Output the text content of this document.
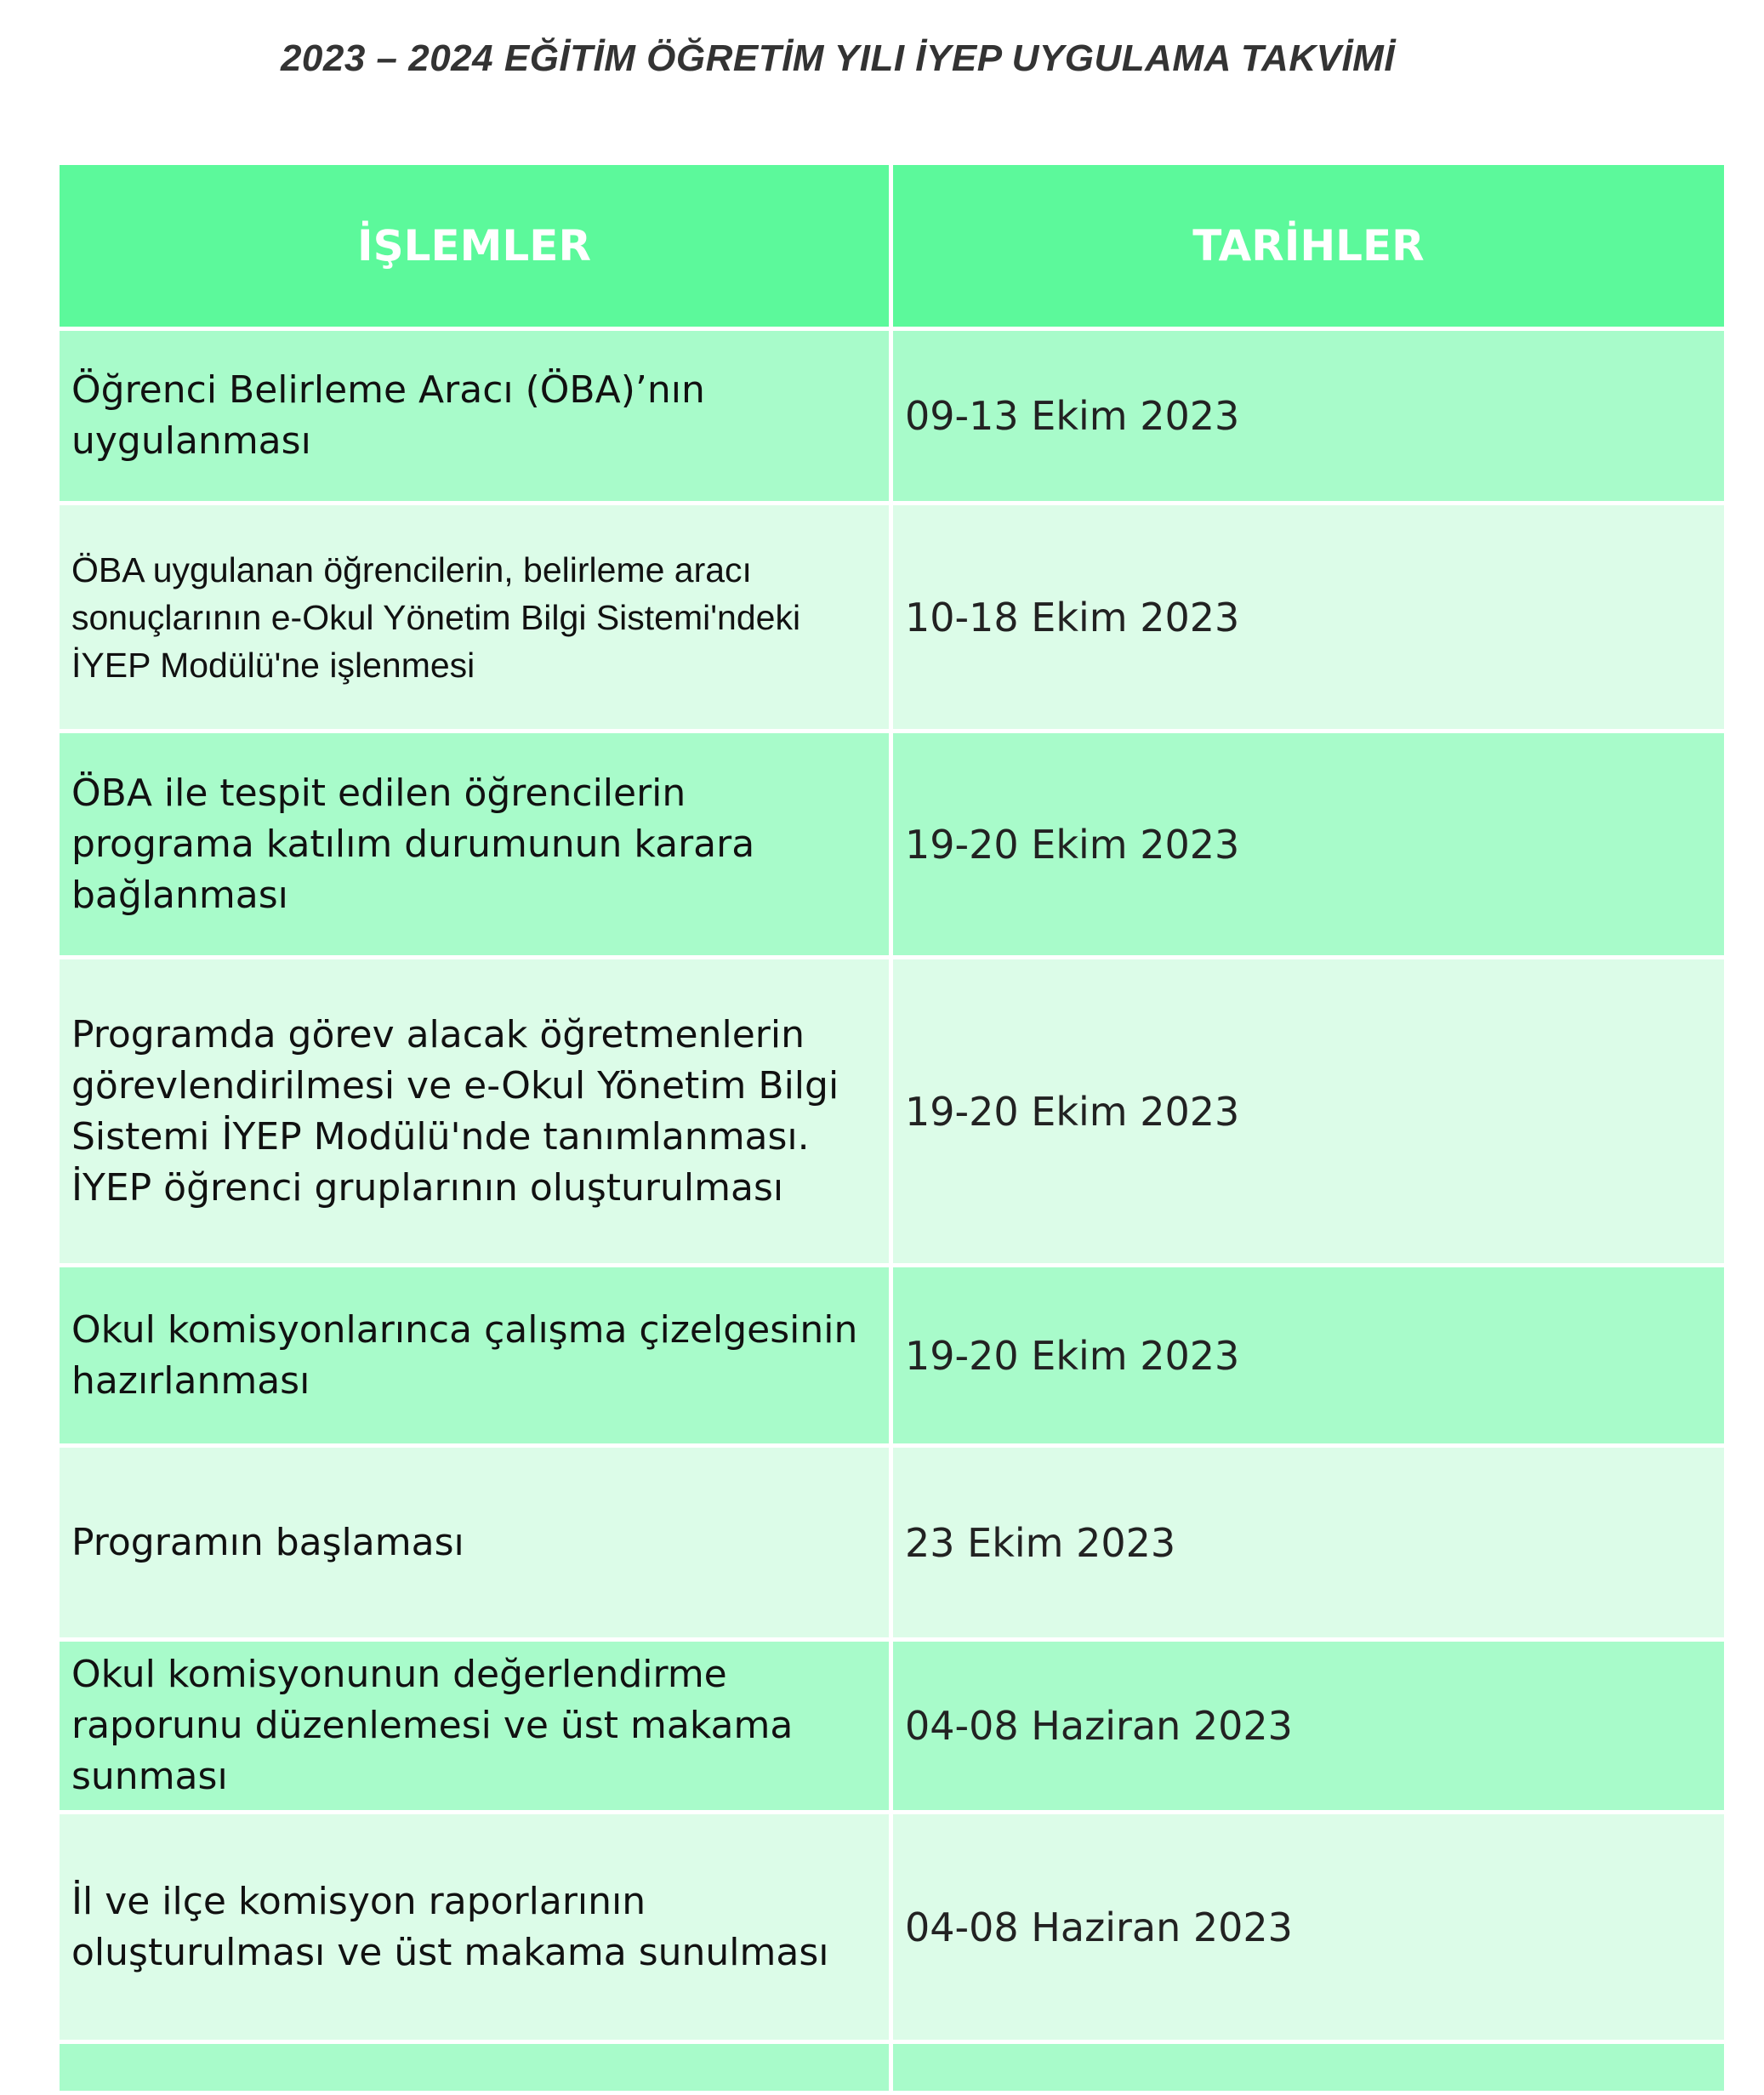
2023 – 2024 EĞİTİM ÖĞRETİM YILI İYEP UYGULAMA TAKVİMİ
İŞLEMLER	TARİHLER
Öğrenci Belirleme Aracı (ÖBA)’nın uygulanması	09-13 Ekim 2023
ÖBA uygulanan öğrencilerin, belirleme aracı sonuçlarının e-Okul Yönetim Bilgi Sistemi'ndeki İYEP Modülü'ne işlenmesi	10-18 Ekim 2023
ÖBA ile tespit edilen öğrencilerin programa katılım durumunun karara bağlanması	19-20 Ekim 2023
Programda görev alacak öğretmenlerin görevlendirilmesi ve e-Okul Yönetim Bilgi Sistemi İYEP Modülü'nde tanımlanması. İYEP öğrenci gruplarının oluşturulması	19-20 Ekim 2023
Okul komisyonlarınca çalışma çizelgesinin hazırlanması	19-20 Ekim 2023
Programın başlaması	23 Ekim 2023
Okul komisyonunun değerlendirme raporunu düzenlemesi ve üst makama sunması	04-08 Haziran 2023
İl ve ilçe komisyon raporlarının oluşturulması ve üst makama sunulması	04-08 Haziran 2023
